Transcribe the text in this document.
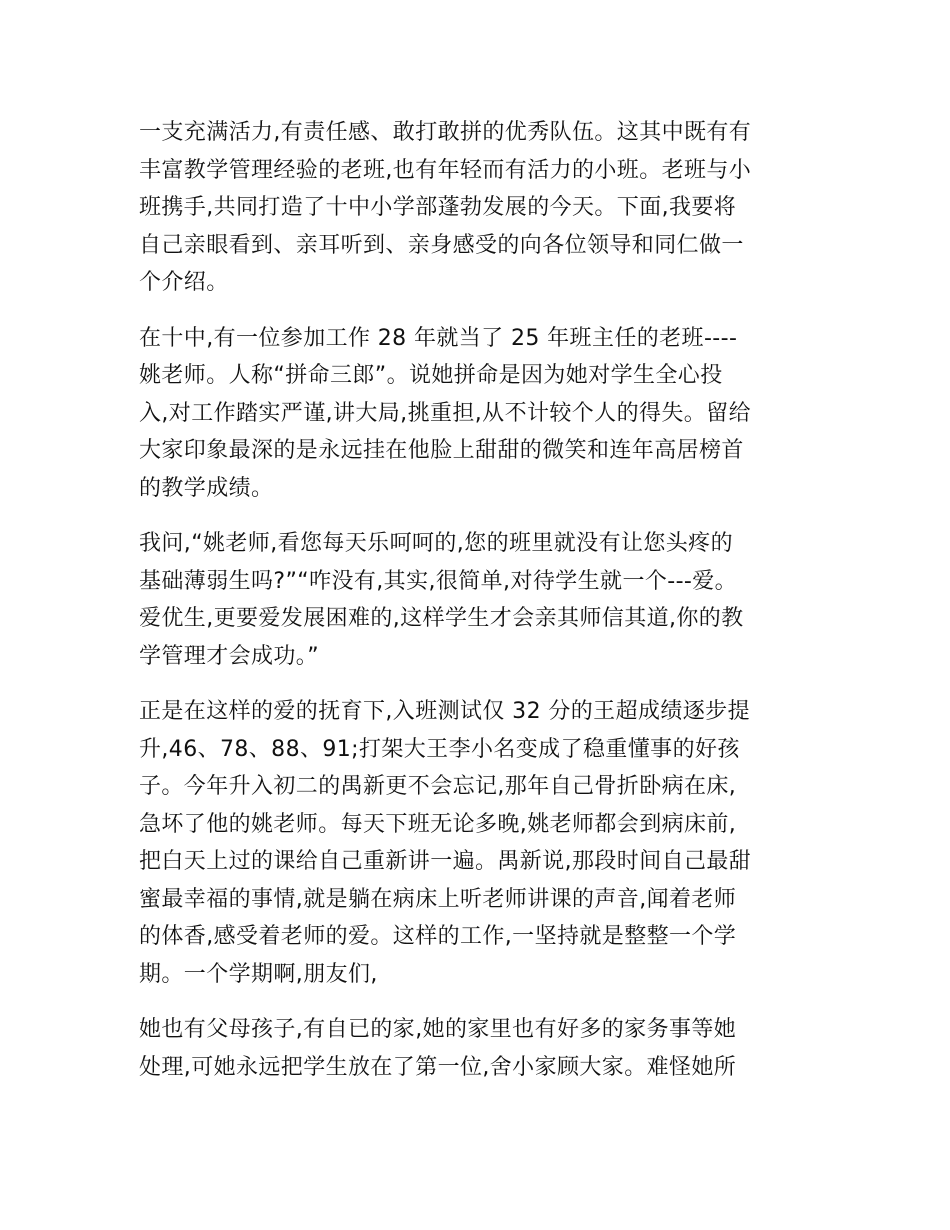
一支充满活力,有责任感、敢打敢拼的优秀队伍。这其中既有有
丰富教学管理经验的老班,也有年轻而有活力的小班。老班与小
班携手,共同打造了十中小学部蓬勃发展的今天。下面,我要将
自己亲眼看到、亲耳听到、亲身感受的向各位领导和同仁做一
个介绍。

在十中,有一位参加工作 28 年就当了 25 年班主任的老班----
姚老师。人称“拼命三郎”。说她拼命是因为她对学生全心投
入,对工作踏实严谨,讲大局,挑重担,从不计较个人的得失。留给
大家印象最深的是永远挂在他脸上甜甜的微笑和连年高居榜首
的教学成绩。

我问,“姚老师,看您每天乐呵呵的,您的班里就没有让您头疼的
基础薄弱生吗?”“咋没有,其实,很简单,对待学生就一个---爱。
爱优生,更要爱发展困难的,这样学生才会亲其师信其道,你的教
学管理才会成功。”

正是在这样的爱的抚育下,入班测试仅 32 分的王超成绩逐步提
升,46、78、88、91;打架大王李小名变成了稳重懂事的好孩
子。今年升入初二的禺新更不会忘记,那年自己骨折卧病在床,
急坏了他的姚老师。每天下班无论多晚,姚老师都会到病床前,
把白天上过的课给自己重新讲一遍。禺新说,那段时间自己最甜
蜜最幸福的事情,就是躺在病床上听老师讲课的声音,闻着老师
的体香,感受着老师的爱。这样的工作,一坚持就是整整一个学
期。一个学期啊,朋友们,

她也有父母孩子,有自已的家,她的家里也有好多的家务事等她
处理,可她永远把学生放在了第一位,舍小家顾大家。难怪她所
